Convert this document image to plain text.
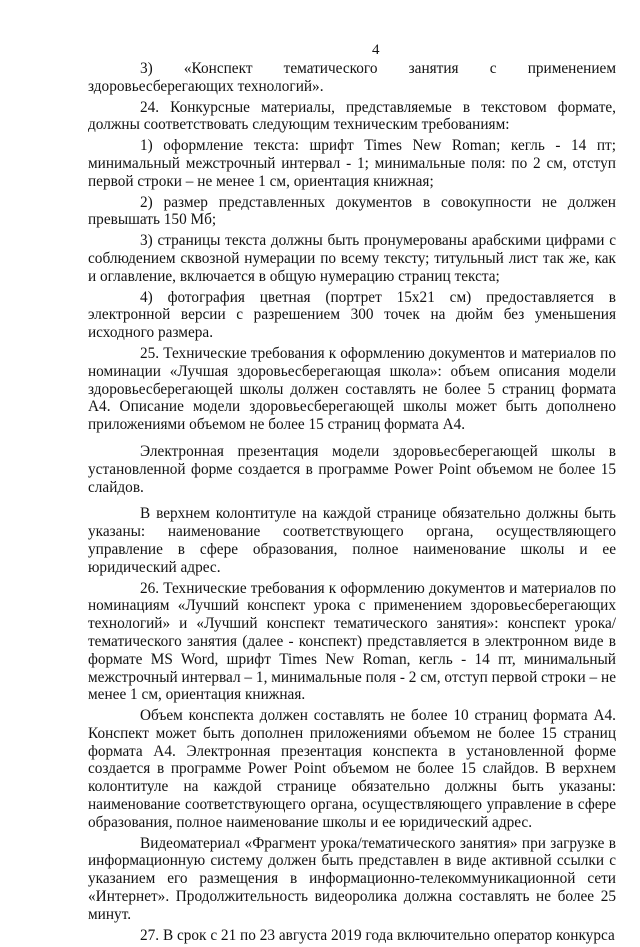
4

3) «Конспект тематического занятия с применением здоровьесберегающих технологий».

24. Конкурсные материалы, представляемые в текстовом формате, должны соответствовать следующим техническим требованиям:

1) оформление текста: шрифт Times New Roman; кегль - 14 пт; минимальный межстрочный интервал - 1; минимальные поля: по 2 см, отступ первой строки – не менее 1 см, ориентация книжная;

2) размер представленных документов в совокупности не должен превышать 150 Мб;

3) страницы текста должны быть пронумерованы арабскими цифрами с соблюдением сквозной нумерации по всему тексту; титульный лист так же, как и оглавление, включается в общую нумерацию страниц текста;

4) фотография цветная (портрет 15х21 см) предоставляется в электронной версии с разрешением 300 точек на дюйм без уменьшения исходного размера.

25. Технические требования к оформлению документов и материалов по номинации «Лучшая здоровьесберегающая школа»: объем описания модели здоровьесберегающей школы должен составлять не более 5 страниц формата А4. Описание модели здоровьесберегающей школы может быть дополнено приложениями объемом не более 15 страниц формата А4.

Электронная презентация модели здоровьесберегающей школы в установленной форме создается в программе Power Point объемом не более 15 слайдов.

В верхнем колонтитуле на каждой странице обязательно должны быть указаны: наименование соответствующего органа, осуществляющего управление в сфере образования, полное наименование школы и ее юридический адрес.

26. Технические требования к оформлению документов и материалов по номинациям «Лучший конспект урока с применением здоровьесберегающих технологий» и «Лучший конспект тематического занятия»: конспект урока/тематического занятия (далее - конспект) представляется в электронном виде в формате MS Word, шрифт Times New Roman, кегль - 14 пт, минимальный межстрочный интервал – 1, минимальные поля - 2 см, отступ первой строки – не менее 1 см, ориентация книжная.

Объем конспекта должен составлять не более 10 страниц формата А4. Конспект может быть дополнен приложениями объемом не более 15 страниц формата А4. Электронная презентация конспекта в установленной форме создается в программе Power Point объемом не более 15 слайдов. В верхнем колонтитуле на каждой странице обязательно должны быть указаны: наименование соответствующего органа, осуществляющего управление в сфере образования, полное наименование школы и ее юридический адрес.

Видеоматериал «Фрагмент урока/тематического занятия» при загрузке в информационную систему должен быть представлен в виде активной ссылки с указанием его размещения в информационно-телекоммуникационной сети «Интернет». Продолжительность видеоролика должна составлять не более 25 минут.

27. В срок с 21 по 23 августа 2019 года включительно оператор конкурса
